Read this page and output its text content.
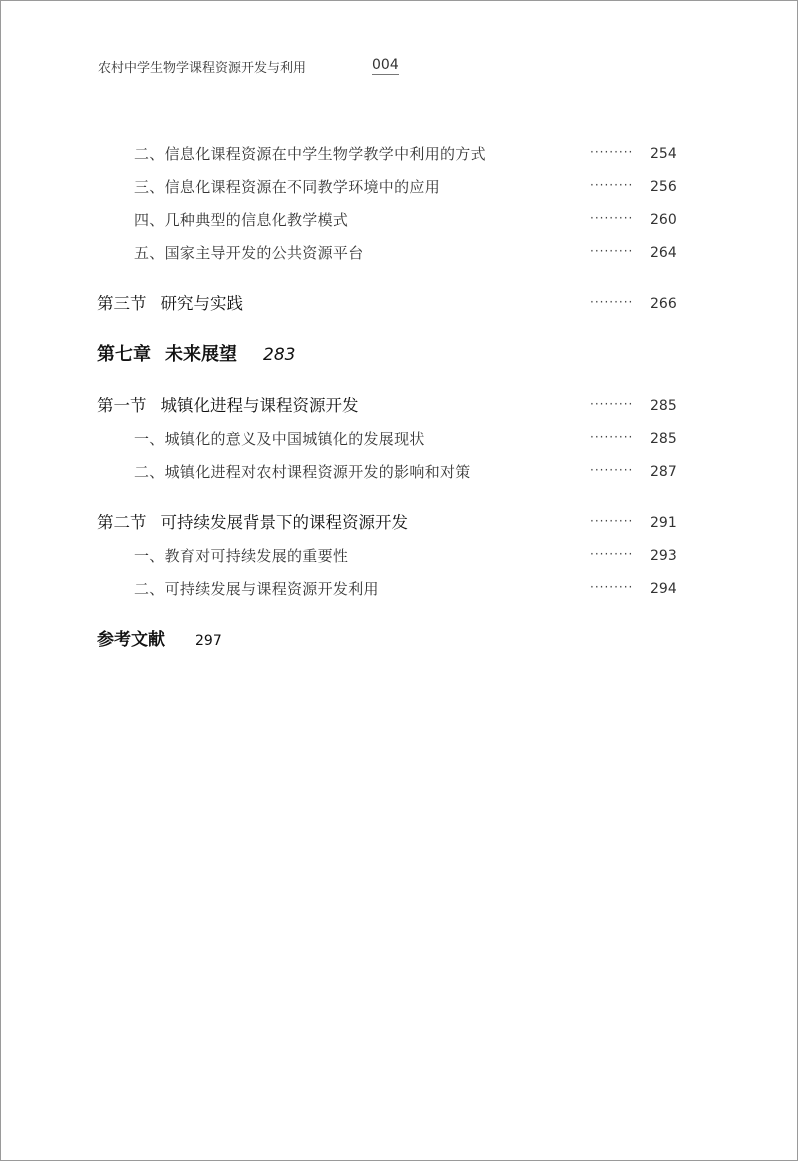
农村中学生物学课程资源开发与利用	004
二、信息化课程资源在中学生物学教学中利用的方式	········· 254
三、信息化课程资源在不同教学环境中的应用	········· 256
四、几种典型的信息化教学模式	········· 260
五、国家主导开发的公共资源平台	········· 264
第三节 研究与实践	········· 266
第七章 未来展望 283
第一节 城镇化进程与课程资源开发	········· 285
一、城镇化的意义及中国城镇化的发展现状	········· 285
二、城镇化进程对农村课程资源开发的影响和对策	········· 287
第二节 可持续发展背景下的课程资源开发	········· 291
一、教育对可持续发展的重要性	········· 293
二、可持续发展与课程资源开发利用	········· 294
参考文献 297
